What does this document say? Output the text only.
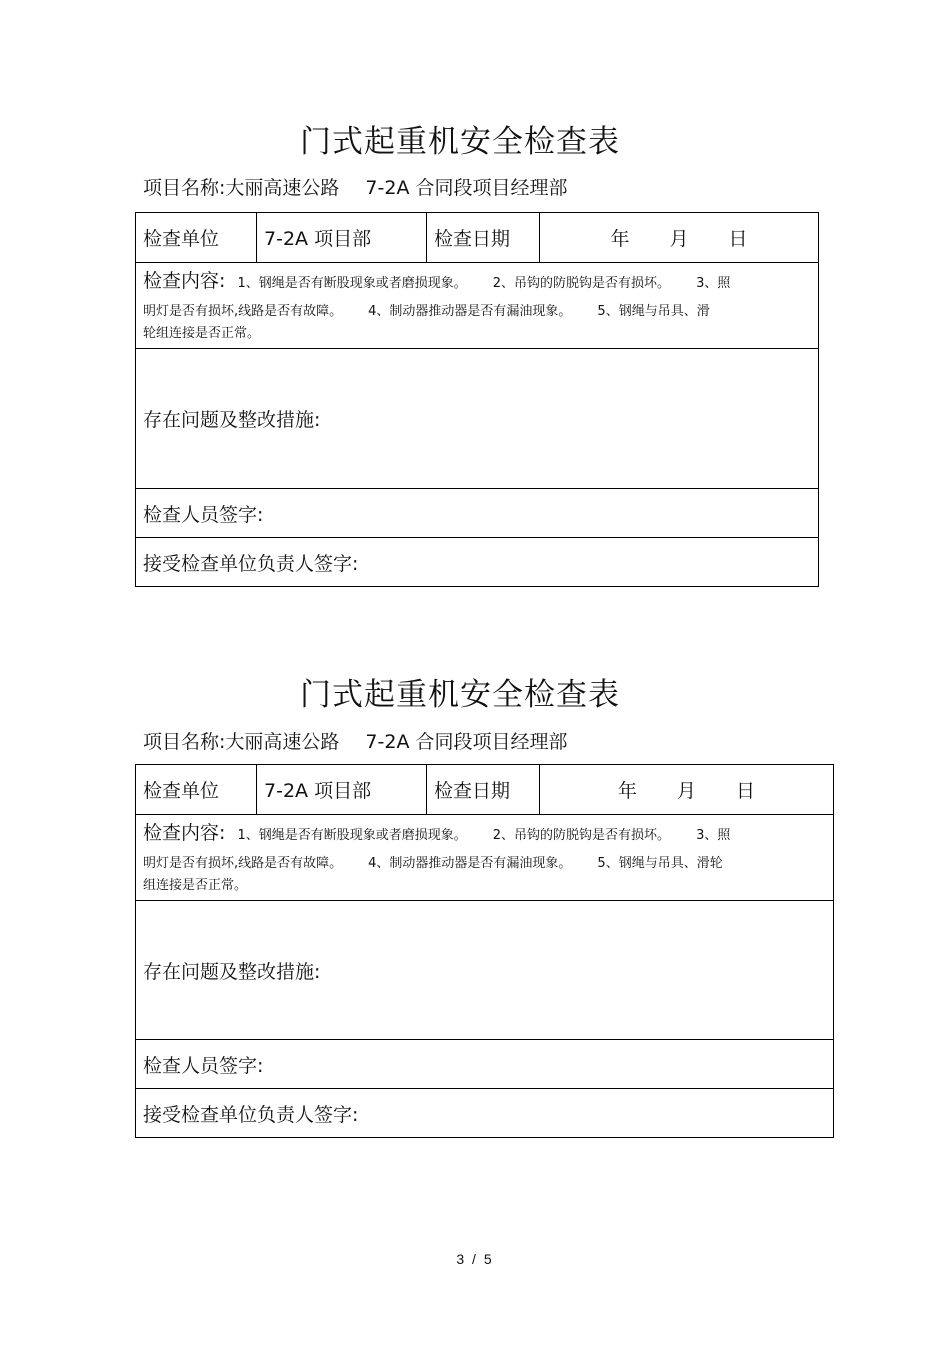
门式起重机安全检查表
项目名称:大丽高速公路 7-2A 合同段项目经理部
检查单位	7-2A 项目部	检查日期	年 月 日

检查内容: 1、钢绳是否有断股现象或者磨损现象。 2、吊钩的防脱钩是否有损坏。 3、照
明灯是否有损坏,线路是否有故障。 4、制动器推动器是否有漏油现象。 5、钢绳与吊具、滑
轮组连接是否正常。

存在问题及整改措施:
检查人员签字:
接受检查单位负责人签字:
门式起重机安全检查表
项目名称:大丽高速公路 7-2A 合同段项目经理部
检查单位	7-2A 项目部	检查日期	年 月 日

检查内容: 1、钢绳是否有断股现象或者磨损现象。 2、吊钩的防脱钩是否有损坏。 3、照
明灯是否有损坏,线路是否有故障。 4、制动器推动器是否有漏油现象。 5、钢绳与吊具、滑轮
组连接是否正常。

存在问题及整改措施:
检查人员签字:
接受检查单位负责人签字:
3 / 5
